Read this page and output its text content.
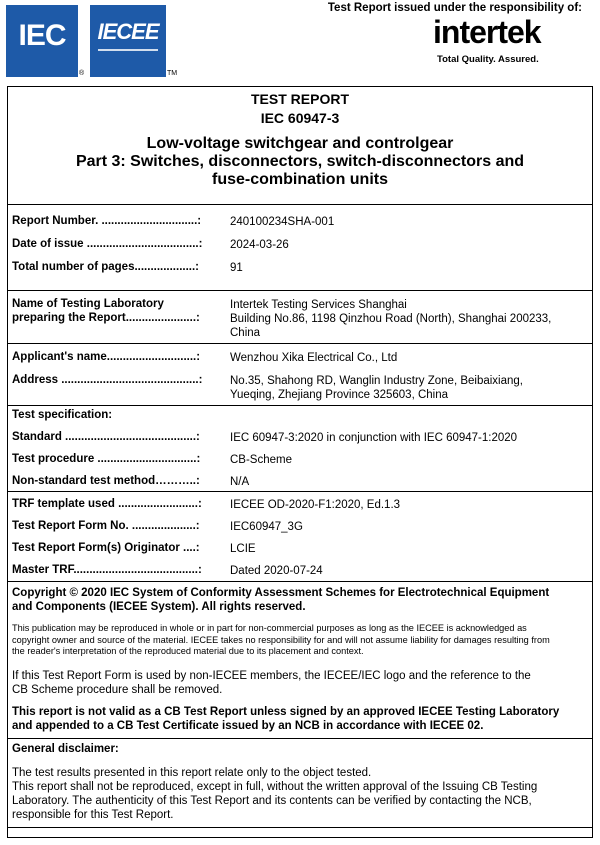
IEC
®
IECEE
TM
Test Report issued under the responsibility of:
intertek
Total Quality. Assured.
TEST REPORT
IEC 60947-3
Low-voltage switchgear and controlgear
Part 3: Switches, disconnectors, switch-disconnectors and
fuse-combination units
Report Number. ..............................:	240100234SHA-001
Date of issue ...................................: 2024-03-26
Total number of pages...................:	91
Name of Testing Laboratory
preparing the Report......................:
Intertek Testing Services Shanghai
Building No.86, 1198 Qinzhou Road (North), Shanghai 200233,
China
Applicant's name............................:	Wenzhou Xika Electrical Co., Ltd
Address ...........................................: No.35, Shahong RD, Wanglin Industry Zone, Beibaixiang,
Yueqing, Zhejiang Province 325603, China
Test specification:
Standard .........................................:	IEC 60947-3:2020 in conjunction with IEC 60947-1:2020
Test procedure ...............................:	CB-Scheme
Non-standard test method………..:	N/A
TRF template used .........................: IECEE OD-2020-F1:2020, Ed.1.3
Test Report Form No. ....................:	IEC60947_3G
Test Report Form(s) Originator ....:	LCIE
Master TRF.......................................: Dated 2020-07-24
Copyright © 2020 IEC System of Conformity Assessment Schemes for Electrotechnical Equipment
and Components (IECEE System). All rights reserved.
This publication may be reproduced in whole or in part for non-commercial purposes as long as the IECEE is acknowledged as
copyright owner and source of the material. IECEE takes no responsibility for and will not assume liability for damages resulting from
the reader's interpretation of the reproduced material due to its placement and context.
If this Test Report Form is used by non-IECEE members, the IECEE/IEC logo and the reference to the
CB Scheme procedure shall be removed.
This report is not valid as a CB Test Report unless signed by an approved IECEE Testing Laboratory
and appended to a CB Test Certificate issued by an NCB in accordance with IECEE 02.
General disclaimer:
The test results presented in this report relate only to the object tested.
This report shall not be reproduced, except in full, without the written approval of the Issuing CB Testing
Laboratory. The authenticity of this Test Report and its contents can be verified by contacting the NCB,
responsible for this Test Report.
